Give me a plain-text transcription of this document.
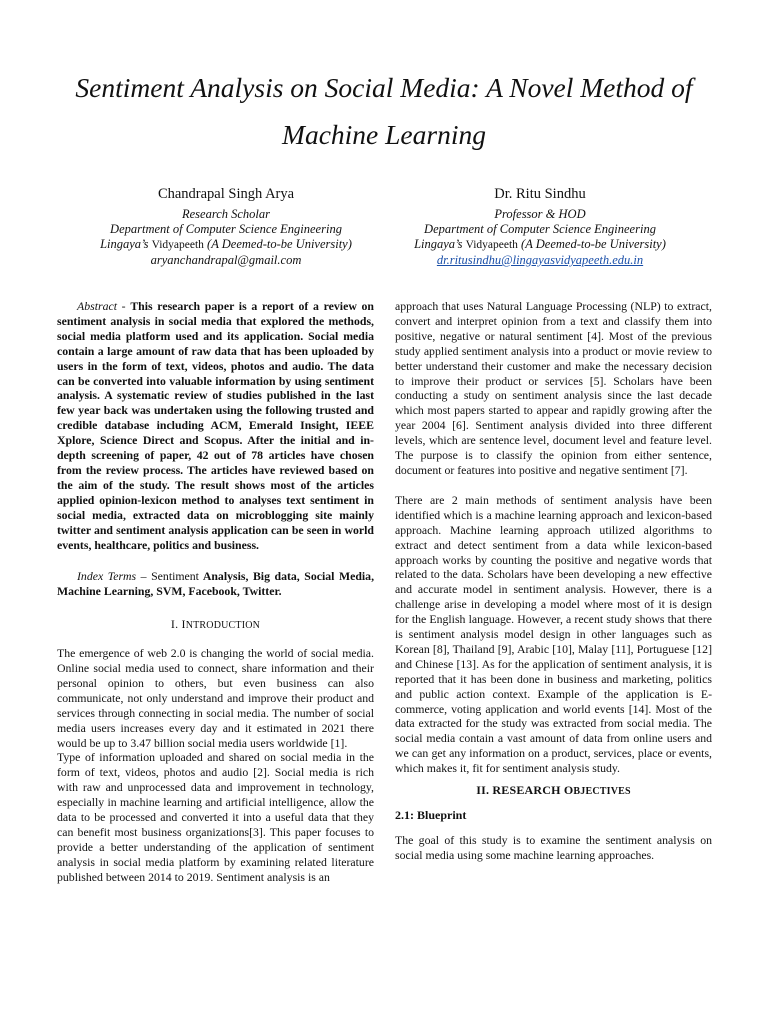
Sentiment Analysis on Social Media: A Novel Method of
Machine Learning
Chandrapal Singh Arya
Research Scholar
Department of Computer Science Engineering
Lingaya’s Vidyapeeth (A Deemed-to-be University)
aryanchandrapal@gmail.com
Dr. Ritu Sindhu
Professor & HOD
Department of Computer Science Engineering
Lingaya’s Vidyapeeth (A Deemed-to-be University)
dr.ritusindhu@lingayasvidyapeeth.edu.in

Abstract - This research paper is a report of a review on sentiment analysis in social media that explored the methods, social media platform used and its application. Social media contain a large amount of raw data that has been uploaded by users in the form of text, videos, photos and audio. The data can be converted into valuable information by using sentiment analysis. A systematic review of studies published in the last few year back was undertaken using the following trusted and credible database including ACM, Emerald Insight, IEEE Xplore, Science Direct and Scopus. After the initial and in-depth screening of paper, 42 out of 78 articles have chosen from the review process. The articles have reviewed based on the aim of the study. The result shows most of the articles applied opinion-lexicon method to analyses text sentiment in social media, extracted data on microblogging site mainly twitter and sentiment analysis application can be seen in world events, healthcare, politics and business.

Index Terms – Sentiment Analysis, Big data, Social Media, Machine Learning, SVM, Facebook, Twitter.

I. INTRODUCTION

The emergence of web 2.0 is changing the world of social media. Online social media used to connect, share information and their personal opinion to others, but even business can also communicate, not only understand and improve their product and services through connecting in social media. The number of social media users increases every day and it estimated in 2021 there would be up to 3.47 billion social media users worldwide [1].

Type of information uploaded and shared on social media in the form of text, videos, photos and audio [2]. Social media is rich with raw and unprocessed data and improvement in technology, especially in machine learning and artificial intelligence, allow the data to be processed and converted it into a useful data that they can benefit most business organizations[3]. This paper focuses to provide a better understanding of the application of sentiment analysis in social media platform by examining related literature published between 2014 to 2019. Sentiment analysis is an

approach that uses Natural Language Processing (NLP) to extract, convert and interpret opinion from a text and classify them into positive, negative or natural sentiment [4]. Most of the previous study applied sentiment analysis into a product or movie review to better understand their customer and make the necessary decision to improve their product or services [5]. Scholars have been conducting a study on sentiment analysis since the last decade which most papers started to appear and rapidly growing after the year 2004 [6]. Sentiment analysis divided into three different levels, which are sentence level, document level and feature level. The purpose is to classify the opinion from either sentence, document or features into positive and negative sentiment [7].

There are 2 main methods of sentiment analysis have been identified which is a machine learning approach and lexicon-based approach. Machine learning approach utilized algorithms to extract and detect sentiment from a data while lexicon-based approach works by counting the positive and negative words that related to the data. Scholars have been developing a new effective and accurate model in sentiment analysis. However, there is a challenge arise in developing a model where most of it is design for the English language. However, a recent study shows that there is sentiment analysis model design in other languages such as Korean [8], Thailand [9], Arabic [10], Malay [11], Portuguese [12] and Chinese [13]. As for the application of sentiment analysis, it is reported that it has been done in business and marketing, politics and public action context. Example of the application is E-commerce, voting application and world events [14]. Most of the data extracted for the study was extracted from social media. The social media contain a vast amount of data from online users and we can get any information on a product, services, place or events, which makes it, fit for sentiment analysis study.

II. RESEARCH OBJECTIVES
2.1: Blueprint

The goal of this study is to examine the sentiment analysis on social media using some machine learning approaches.
